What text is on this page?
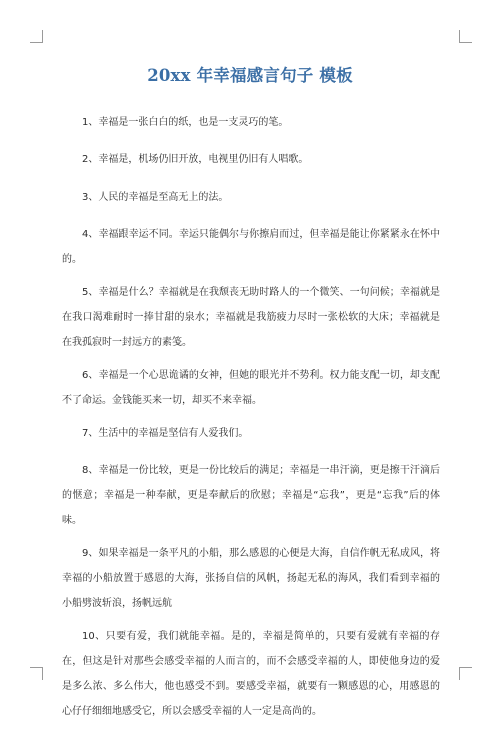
20xx 年幸福感言句子 模板

1、幸福是一张白白的纸，也是一支灵巧的笔。

2、幸福是，机场仍旧开放，电视里仍旧有人唱歌。

3、人民的幸福是至高无上的法。

4、幸福跟幸运不同。幸运只能偶尔与你擦肩而过，但幸福是能让你紧紧永在怀中的。

5、幸福是什么？幸福就是在我颓丧无助时路人的一个微笑、一句问候；幸福就是在我口渴难耐时一捧甘甜的泉水；幸福就是我筋疲力尽时一张松软的大床；幸福就是在我孤寂时一封远方的素笺。

6、幸福是一个心思诡谲的女神，但她的眼光并不势利。权力能支配一切，却支配不了命运。金钱能买来一切，却买不来幸福。

7、生活中的幸福是坚信有人爱我们。

8、幸福是一份比较，更是一份比较后的满足；幸福是一串汗滴，更是擦干汗滴后的惬意；幸福是一种奉献，更是奉献后的欣慰；幸福是“忘我”，更是“忘我”后的体味。

9、如果幸福是一条平凡的小船，那么感恩的心便是大海，自信作帆无私成风，将幸福的小船放置于感恩的大海，张扬自信的风帆，扬起无私的海风，我们看到幸福的小船劈波斩浪，扬帆远航

10、只要有爱，我们就能幸福。是的，幸福是简单的，只要有爱就有幸福的存在，但这是针对那些会感受幸福的人而言的，而不会感受幸福的人，即使他身边的爱是多么浓、多么伟大，他也感受不到。要感受幸福，就要有一颗感恩的心，用感恩的心仔仔细细地感受它，所以会感受幸福的人一定是高尚的。
